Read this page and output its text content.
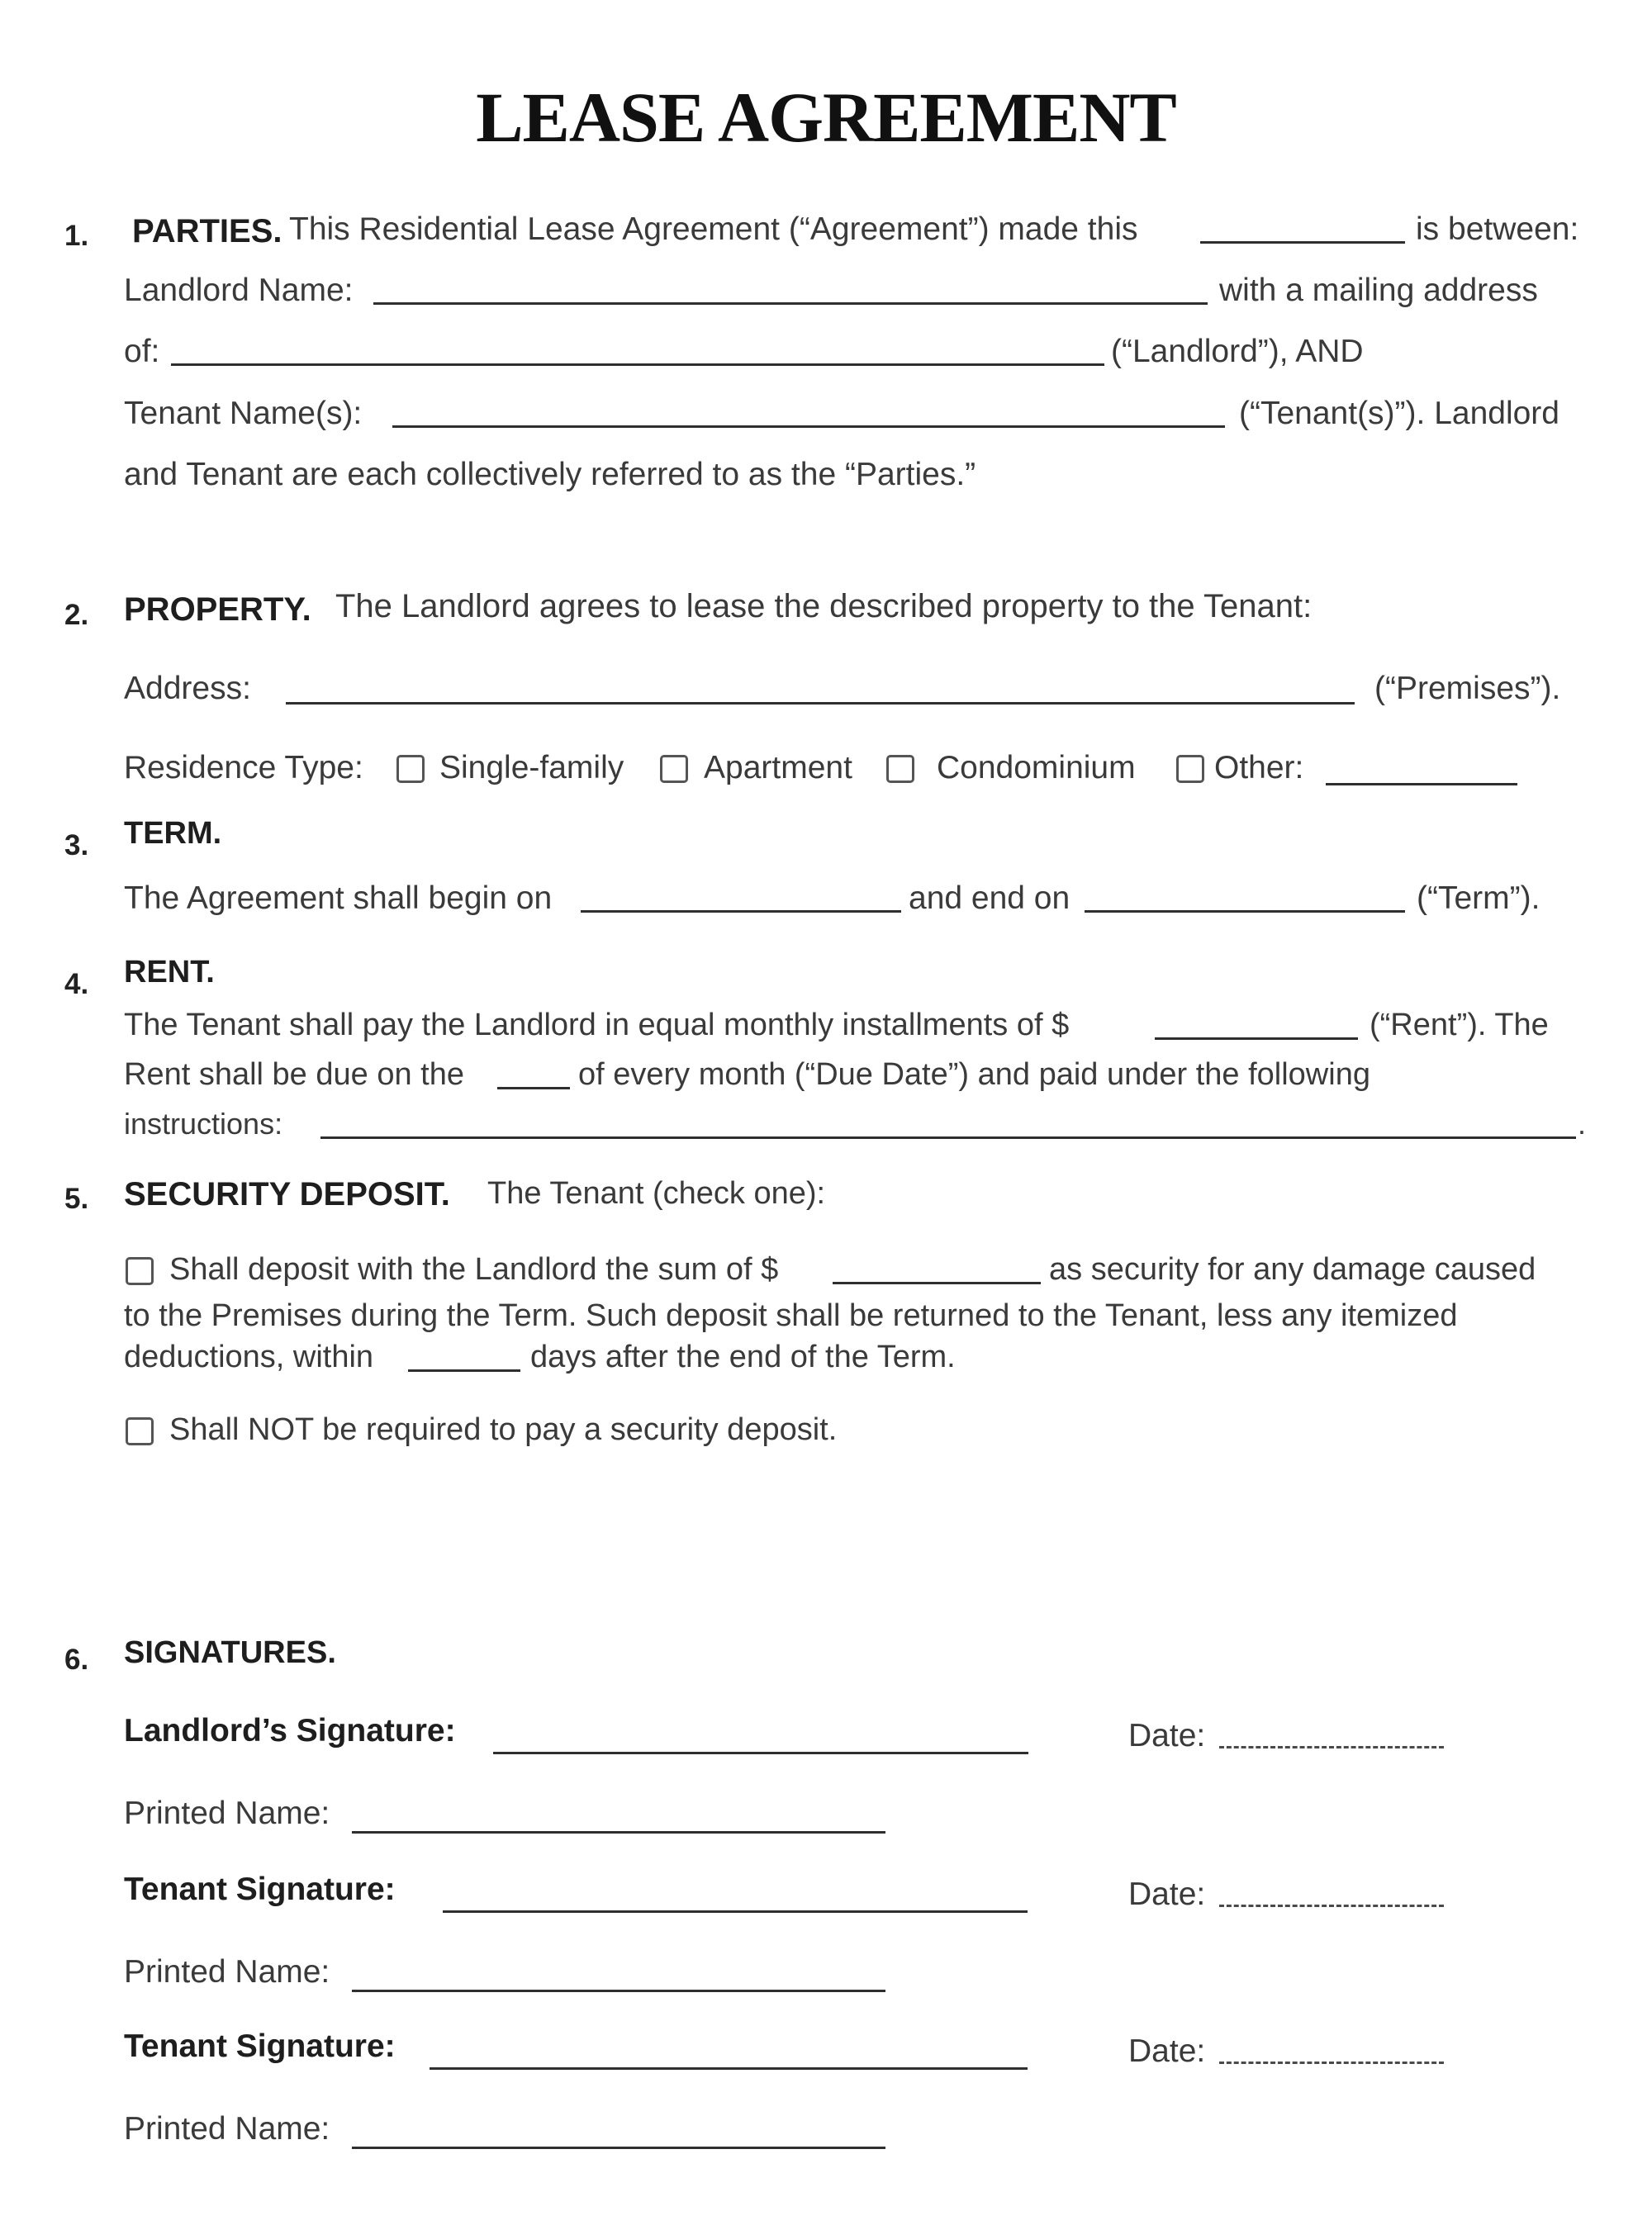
LEASE AGREEMENT
1. PARTIES. This Residential Lease Agreement (“Agreement”) made this	is between:
Landlord Name:	with a mailing address
of:	(“Landlord”), AND
Tenant Name(s):	(“Tenant(s)”). Landlord
and Tenant are each collectively referred to as the “Parties.”
2. PROPERTY. The Landlord agrees to lease the described property to the Tenant:
Address:	(“Premises”).
Residence Type: Single-family Apartment	Condominium Other:
3. TERM.
The Agreement shall begin on	and end on	(“Term”).
4. RENT.
The Tenant shall pay the Landlord in equal monthly installments of $	(“Rent”). The
Rent shall be due on the	of every month (“Due Date”) and paid under the following
instructions:	.
5. SECURITY DEPOSIT. The Tenant (check one):
Shall deposit with the Landlord the sum of $	as security for any damage caused
to the Premises during the Term. Such deposit shall be returned to the Tenant, less any itemized
deductions, within	days after the end of the Term.
Shall NOT be required to pay a security deposit.
6. SIGNATURES.
Landlord’s Signature:	Date:
Printed Name:
Tenant Signature:	Date:
Printed Name:
Tenant Signature:	Date:
Printed Name:
